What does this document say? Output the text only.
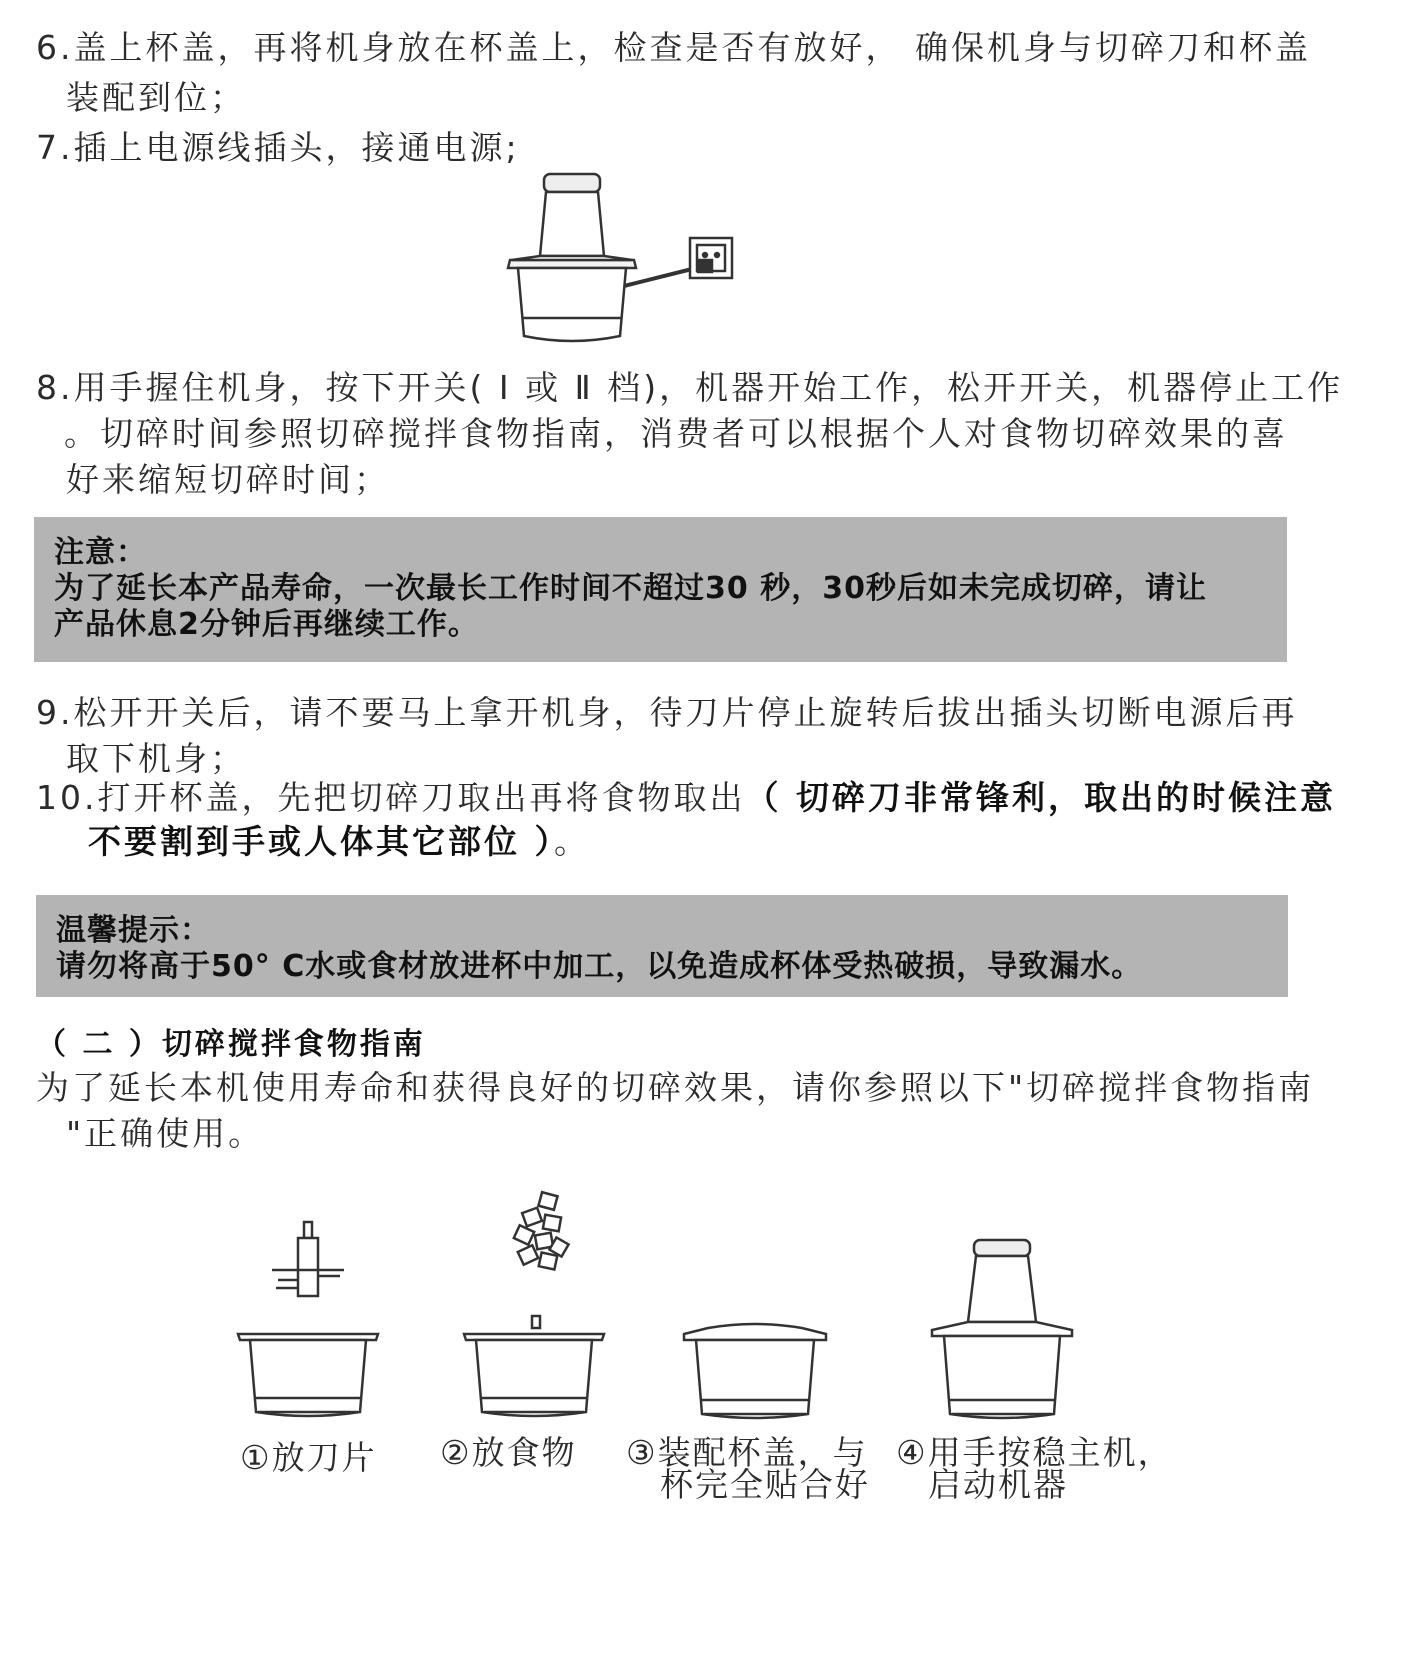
6.盖上杯盖，再将机身放在杯盖上，检查是否有放好， 确保机身与切碎刀和杯盖
装配到位；
7.插上电源线插头，接通电源;
8.用手握住机身，按下开关( Ⅰ 或 Ⅱ 档)，机器开始工作，松开开关，机器停止工作
。切碎时间参照切碎搅拌食物指南，消费者可以根据个人对食物切碎效果的喜
好来缩短切碎时间；
注意：
为了延长本产品寿命，一次最长工作时间不超过30 秒，30秒后如未完成切碎，请让
产品休息2分钟后再继续工作。
9.松开开关后，请不要马上拿开机身，待刀片停止旋转后拔出插头切断电源后再
取下机身；
10.打开杯盖，先把切碎刀取出再将食物取出（ 切碎刀非常锋利，取出的时候注意
不要割到手或人体其它部位 ）。
温馨提示：
请勿将高于50° C水或食材放进杯中加工，以免造成杯体受热破损，导致漏水。
（ 二 ）切碎搅拌食物指南
为了延长本机使用寿命和获得良好的切碎效果，请你参照以下"切碎搅拌食物指南
"正确使用。
①放刀片 ②放食物 ③装配杯盖，与
杯完全贴合好
④用手按稳主机，
启动机器
